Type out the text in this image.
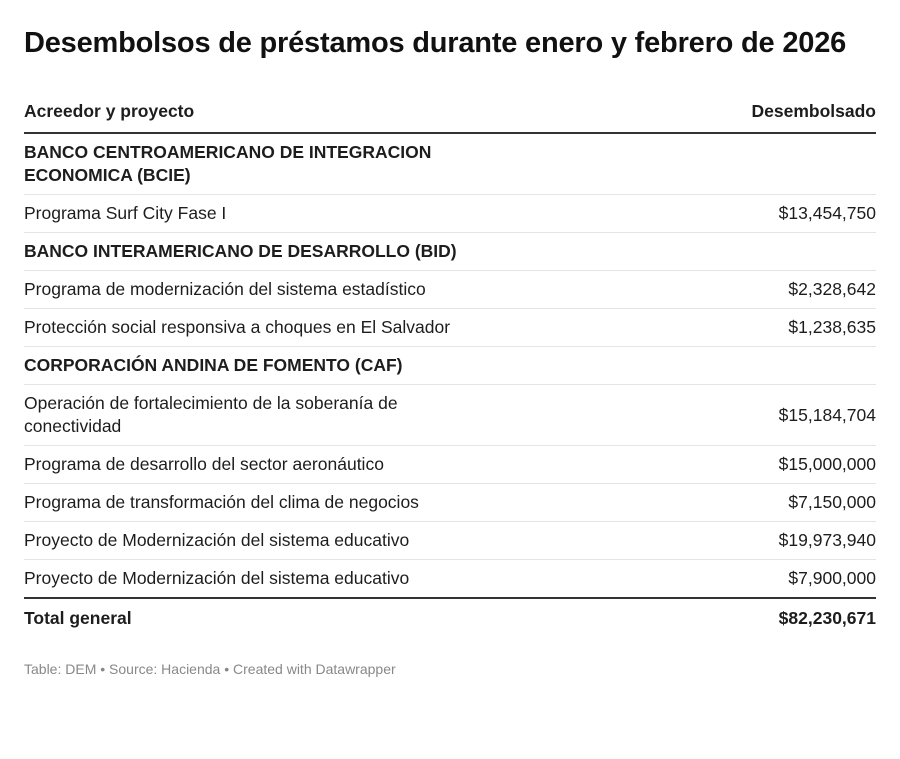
Desembolsos de préstamos durante enero y febrero de 2026
Acreedor y proyecto	Desembolsado
BANCO CENTROAMERICANO DE INTEGRACION ECONOMICA (BCIE)	
Programa Surf City Fase I	$13,454,750
BANCO INTERAMERICANO DE DESARROLLO (BID)	
Programa de modernización del sistema estadístico	$2,328,642
Protección social responsiva a choques en El Salvador	$1,238,635
CORPORACIÓN ANDINA DE FOMENTO (CAF)	
Operación de fortalecimiento de la soberanía de conectividad	$15,184,704
Programa de desarrollo del sector aeronáutico	$15,000,000
Programa de transformación del clima de negocios	$7,150,000
Proyecto de Modernización del sistema educativo	$19,973,940
Proyecto de Modernización del sistema educativo	$7,900,000
Total general	$82,230,671
Table: DEM • Source: Hacienda • Created with Datawrapper
